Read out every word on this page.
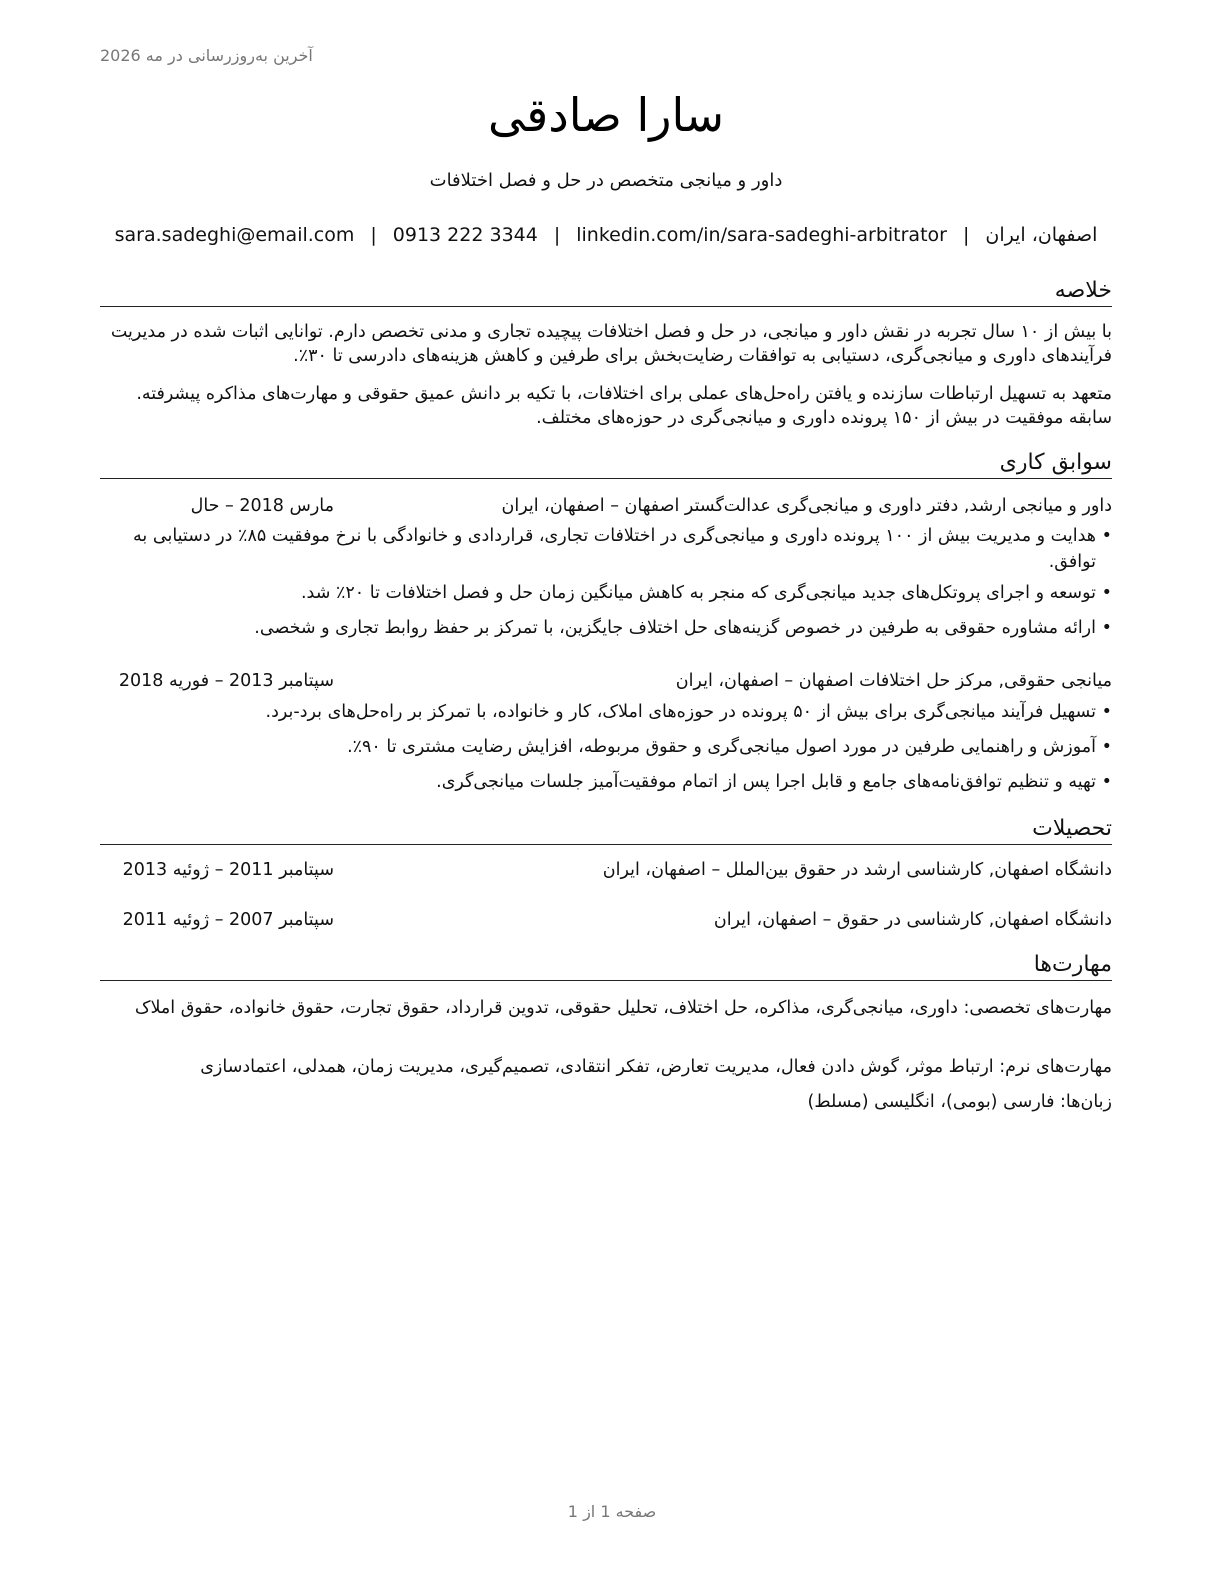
آخرین به‌روزرسانی در مه 2026
سارا صادقی
داور و میانجی متخصص در حل و فصل اختلافات
اصفهان، ایران|sara.sadeghi@email.com | 0913 222 3344 | linkedin.com/in/sara-sadeghi-arbitrator
خلاصه
با بیش از ۱۰ سال تجربه در نقش داور و میانجی، در حل و فصل اختلافات پیچیده تجاری و مدنی تخصص دارم. توانایی اثبات شده در مدیریت فرآیندهای داوری و میانجی‌گری، دستیابی به توافقات رضایت‌بخش برای طرفین و کاهش هزینه‌های دادرسی تا ۳۰٪.
متعهد به تسهیل ارتباطات سازنده و یافتن راه‌حل‌های عملی برای اختلافات، با تکیه بر دانش عمیق حقوقی و مهارت‌های مذاکره پیشرفته. سابقه موفقیت در بیش از ۱۵۰ پرونده داوری و میانجی‌گری در حوزه‌های مختلف.
سوابق کاری
داور و میانجی ارشد, دفتر داوری و میانجی‌گری عدالت‌گستر اصفهان – اصفهان، ایران
مارس 2018 – حال
• هدایت و مدیریت بیش از ۱۰۰ پرونده داوری و میانجی‌گری در اختلافات تجاری، قراردادی و خانوادگی با نرخ موفقیت ۸۵٪ در دستیابی به توافق.
• توسعه و اجرای پروتکل‌های جدید میانجی‌گری که منجر به کاهش میانگین زمان حل و فصل اختلافات تا ۲۰٪ شد.
• ارائه مشاوره حقوقی به طرفین در خصوص گزینه‌های حل اختلاف جایگزین، با تمرکز بر حفظ روابط تجاری و شخصی.
میانجی حقوقی, مرکز حل اختلافات اصفهان – اصفهان، ایران
سپتامبر 2013 – فوریه 2018
• تسهیل فرآیند میانجی‌گری برای بیش از ۵۰ پرونده در حوزه‌های املاک، کار و خانواده، با تمرکز بر راه‌حل‌های برد-برد.
• آموزش و راهنمایی طرفین در مورد اصول میانجی‌گری و حقوق مربوطه، افزایش رضایت مشتری تا ۹۰٪.
• تهیه و تنظیم توافق‌نامه‌های جامع و قابل اجرا پس از اتمام موفقیت‌آمیز جلسات میانجی‌گری.
تحصیلات
دانشگاه اصفهان, کارشناسی ارشد در حقوق بین‌الملل – اصفهان، ایران
سپتامبر 2011 – ژوئیه 2013
دانشگاه اصفهان, کارشناسی در حقوق – اصفهان، ایران
سپتامبر 2007 – ژوئیه 2011
مهارت‌ها
مهارت‌های تخصصی: داوری، میانجی‌گری، مذاکره، حل اختلاف، تحلیل حقوقی، تدوین قرارداد، حقوق تجارت، حقوق خانواده، حقوق املاک
مهارت‌های نرم: ارتباط موثر، گوش دادن فعال، مدیریت تعارض، تفکر انتقادی، تصمیم‌گیری، مدیریت زمان، همدلی، اعتمادسازی
زبان‌ها: فارسی (بومی)، انگلیسی (مسلط)
صفحه 1 از 1
